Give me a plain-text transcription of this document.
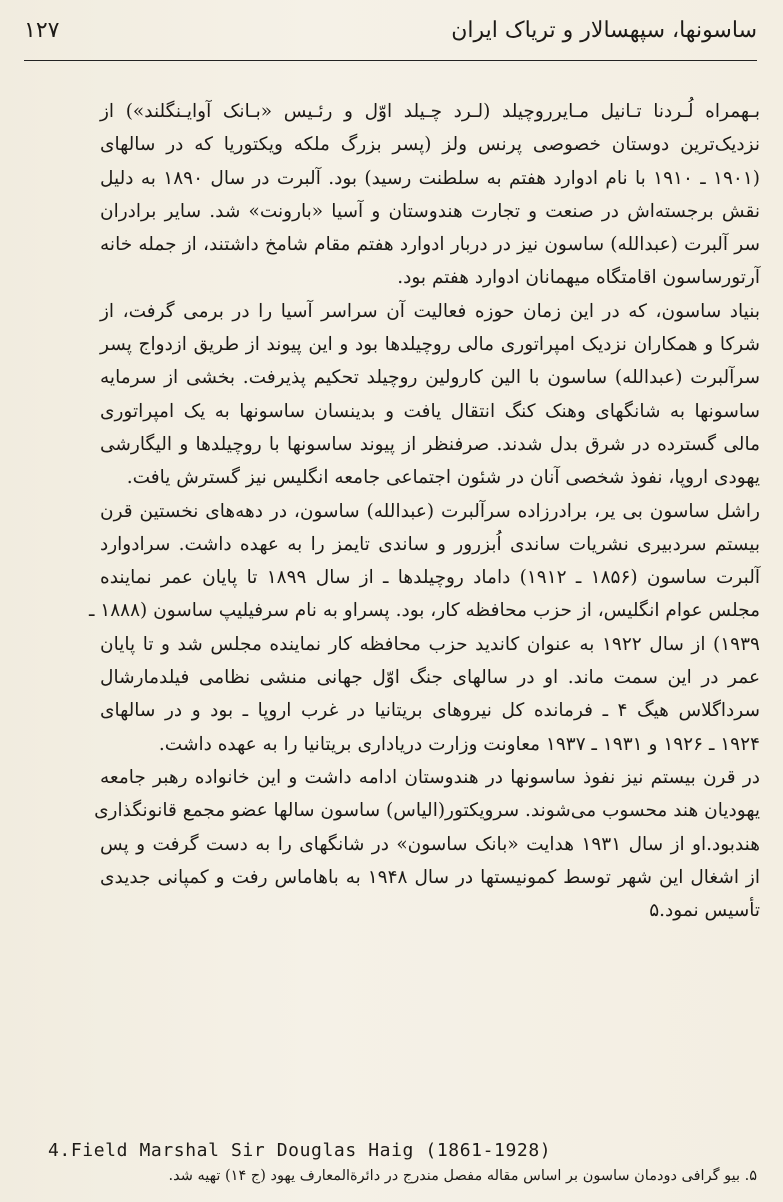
ساسونها، سپهسالار و تریاک ایران
۱۲۷
بـهمراه لُـردنا تـانیل مـایرروچیلد (لـرد چـیلد اوّل و رئـیس «بـانک آوایـنگلند») از
نزدیک‌ترین دوستان خصوصی پرنس ولز (پسر بزرگ ملکه ویکتوریا که در سالهای
(۱۹۰۱ ـ ۱۹۱۰ با نام ادوارد هفتم به سلطنت رسید) بود. آلبرت در سال ۱۸۹۰ به دلیل
نقش برجسته‌اش در صنعت و تجارت هندوستان و آسیا «بارونت» شد. سایر برادران
سر آلبرت (عبدالله) ساسون نیز در دربار ادوارد هفتم مقام شامخ داشتند، از جمله خانه
آرتورساسون اقامتگاه میهمانان ادوارد هفتم بود.
بنیاد ساسون، که در این زمان حوزه فعالیت آن سراسر آسیا را در برمی گرفت، از
شرکا و همکاران نزدیک امپراتوری مالی روچیلدها بود و این پیوند از طریق ازدواج پسر
سرآلبرت (عبدالله) ساسون با الین کارولین روچیلد تحکیم پذیرفت. بخشی از سرمایه
ساسونها به شانگهای وهنک کنگ انتقال یافت و بدینسان ساسونها به یک امپراتوری
مالی گسترده در شرق بدل شدند. صرفنظر از پیوند ساسونها با روچیلدها و الیگارشی
یهودی اروپا، نفوذ شخصی آنان در شئون اجتماعی جامعه انگلیس نیز گسترش یافت.
راشل ساسون بی یر، برادرزاده سرآلبرت (عبدالله) ساسون، در دهه‌های نخستین قرن
بیستم سردبیری نشریات ساندی اُبزرور و ساندی تایمز را به عهده داشت. سرادوارد
آلبرت ساسون (۱۸۵۶ ـ ۱۹۱۲) داماد روچیلدها ـ از سال ۱۸۹۹ تا پایان عمر نماینده
مجلس عوام انگلیس، از حزب محافظه کار، بود. پسراو به نام سرفیلیپ ساسون (۱۸۸۸ ـ
۱۹۳۹) از سال ۱۹۲۲ به عنوان کاندید حزب محافظه کار نماینده مجلس شد و تا پایان
عمر در این سمت ماند. او در سالهای جنگ اوّل جهانی منشی نظامی فیلدمارشال
سرداگلاس هیگ ۴ ـ فرمانده کل نیروهای بریتانیا در غرب اروپا ـ بود و در سالهای
۱۹۲۴ ـ ۱۹۲۶ و ۱۹۳۱ ـ ۱۹۳۷ معاونت وزارت دریاداری بریتانیا را به عهده داشت.
در قرن بیستم نیز نفوذ ساسونها در هندوستان ادامه داشت و این خانواده رهبر جامعه
یهودیان هند محسوب می‌شوند. سرویکتور(الیاس) ساسون سالها عضو مجمع قانونگذاری
هندبود.او از سال ۱۹۳۱ هدایت «بانک ساسون» در شانگهای را به دست گرفت و پس
از اشغال این شهر توسط کمونیستها در سال ۱۹۴۸ به باهاماس رفت و کمپانی جدیدی
تأسیس نمود.۵
4.Field Marshal Sir Douglas Haig (1861-1928)
۵. بیو گرافی دودمان ساسون بر اساس مقاله مفصل مندرج در دائرة‌المعارف یهود (ج ۱۴) تهیه شد.
